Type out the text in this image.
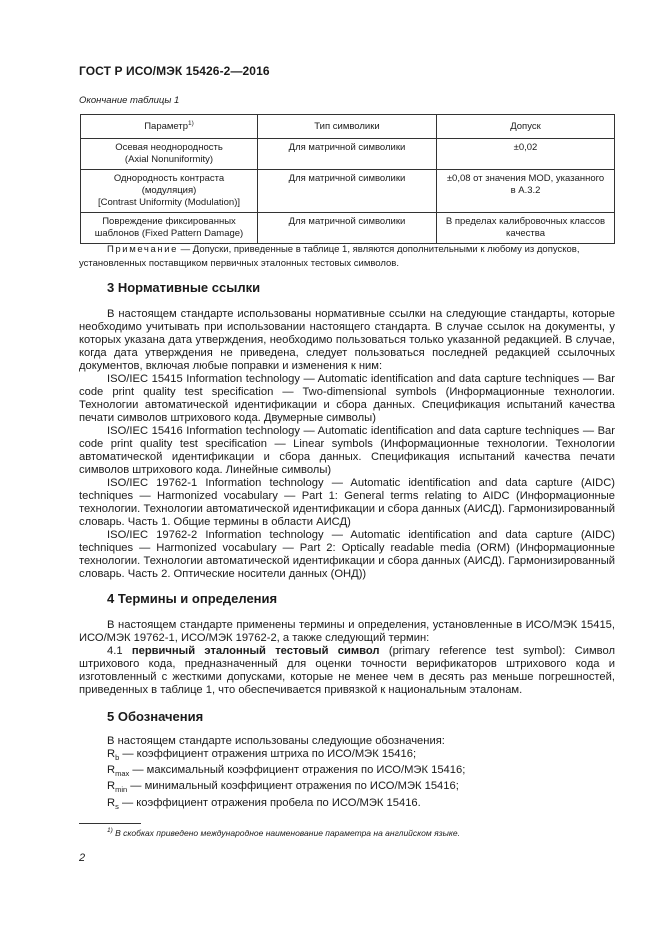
ГОСТ Р ИСО/МЭК 15426-2—2016
Окончание таблицы 1
Параметр$^{1)}$	Тип символики	Допуск
Осевая неоднородность
(Axial Nonuniformity)	Для матричной символики	±0,02
Однородность контраста
(модуляция)
[Contrast Uniformity (Modulation)]	Для матричной символики	±0,08 от значения MOD, указанного
в А.3.2
Повреждение фиксированных
шаблонов (Fixed Pattern Damage)	Для матричной символики	В пределах калибровочных классов
качества
Примечание — Допуски, приведенные в таблице 1, являются дополнительными к любому из допусков, установленных поставщиком первичных эталонных тестовых символов.
3 Нормативные ссылки

В настоящем стандарте использованы нормативные ссылки на следующие стандарты, которые необходимо учитывать при использовании настоящего стандарта. В случае ссылок на документы, у которых указана дата утверждения, необходимо пользоваться только указанной редакцией. В случае, когда дата утверждения не приведена, следует пользоваться последней редакцией ссылочных документов, включая любые поправки и изменения к ним:

ISO/IEC 15415 Information technology — Automatic identification and data capture techniques — Bar code print quality test specification — Two-dimensional symbols (Информационные технологии. Технологии автоматической идентификации и сбора данных. Спецификация испытаний качества печати символов штрихового кода. Двумерные символы)

ISO/IEC 15416 Information technology — Automatic identification and data capture techniques — Bar code print quality test specification — Linear symbols (Информационные технологии. Технологии автоматической идентификации и сбора данных. Спецификация испытаний качества печати символов штрихового кода. Линейные символы)

ISO/IEC 19762-1 Information technology — Automatic identification and data capture (AIDC) techniques — Harmonized vocabulary — Part 1: General terms relating to AIDC (Информационные технологии. Технологии автоматической идентификации и сбора данных (АИСД). Гармонизированный словарь. Часть 1. Общие термины в области АИСД)

ISO/IEC 19762-2 Information technology — Automatic identification and data capture (AIDC) techniques — Harmonized vocabulary — Part 2: Optically readable media (ORM) (Информационные технологии. Технологии автоматической идентификации и сбора данных (АИСД). Гармонизированный словарь. Часть 2. Оптические носители данных (ОНД))

4 Термины и определения

В настоящем стандарте применены термины и определения, установленные в ИСО/МЭК 15415, ИСО/МЭК 19762-1, ИСО/МЭК 19762-2, а также следующий термин:

4.1 первичный эталонный тестовый символ (primary reference test symbol): Символ штрихового кода, предназначенный для оценки точности верификаторов штрихового кода и изготовленный с жесткими допусками, которые не менее чем в десять раз меньше погрешностей, приведенных в таблице 1, что обеспечивается привязкой к национальным эталонам.

5 Обозначения

В настоящем стандарте использованы следующие обозначения:

$R_b$ — коэффициент отражения штриха по ИСО/МЭК 15416;

$R_{max}$ — максимальный коэффициент отражения по ИСО/МЭК 15416;

$R_{min}$ — минимальный коэффициент отражения по ИСО/МЭК 15416;

$R_s$ — коэффициент отражения пробела по ИСО/МЭК 15416.

$^{1)}$ В скобках приведено международное наименование параметра на английском языке.
2
